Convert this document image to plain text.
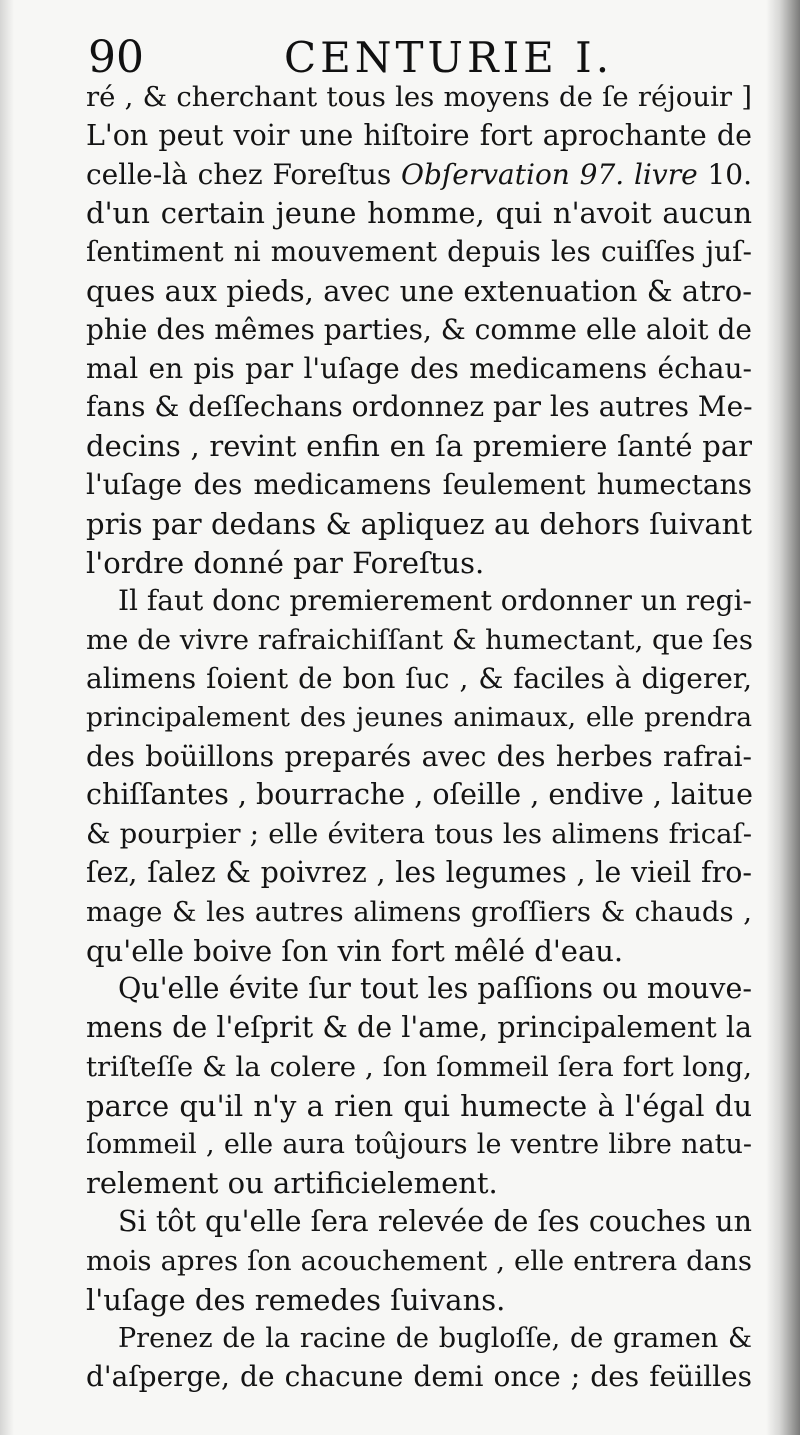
90	CENTURIE I.
ré , & cherchant tous les moyens de ſe réjouir ]
L'on peut voir une hiſtoire fort aprochante de
celle-là chez Foreſtus Obſervation 97. livre 10.
d'un certain jeune homme, qui n'avoit aucun
ſentiment ni mouvement depuis les cuiſſes juſ-
ques aux pieds, avec une extenuation & atro-
phie des mêmes parties, & comme elle aloit de
mal en pis par l'uſage des medicamens échau-
fans & deſſechans ordonnez par les autres Me-
decins , revint enfin en ſa premiere ſanté par
l'uſage des medicamens ſeulement humectans
pris par dedans & apliquez au dehors ſuivant
l'ordre donné par Foreſtus.
Il faut donc premierement ordonner un regi-
me de vivre rafraichiſſant & humectant, que ſes
alimens ſoient de bon ſuc , & faciles à digerer,
principalement des jeunes animaux, elle prendra
des boüillons preparés avec des herbes rafrai-
chiſſantes , bourrache , oſeille , endive , laitue
& pourpier ; elle évitera tous les alimens fricaſ-
ſez, ſalez & poivrez , les legumes , le vieil fro-
mage & les autres alimens groſſiers & chauds ,
qu'elle boive ſon vin fort mêlé d'eau.
Qu'elle évite ſur tout les paſſions ou mouve-
mens de l'eſprit & de l'ame, principalement la
triſteſſe & la colere , ſon ſommeil ſera fort long,
parce qu'il n'y a rien qui humecte à l'égal du
ſommeil , elle aura toûjours le ventre libre natu-
relement ou artificielement.
Si tôt qu'elle ſera relevée de ſes couches un
mois apres ſon acouchement , elle entrera dans
l'uſage des remedes ſuivans.
Prenez de la racine de bugloſſe, de gramen &
d'aſperge, de chacune demi once ; des feüilles
